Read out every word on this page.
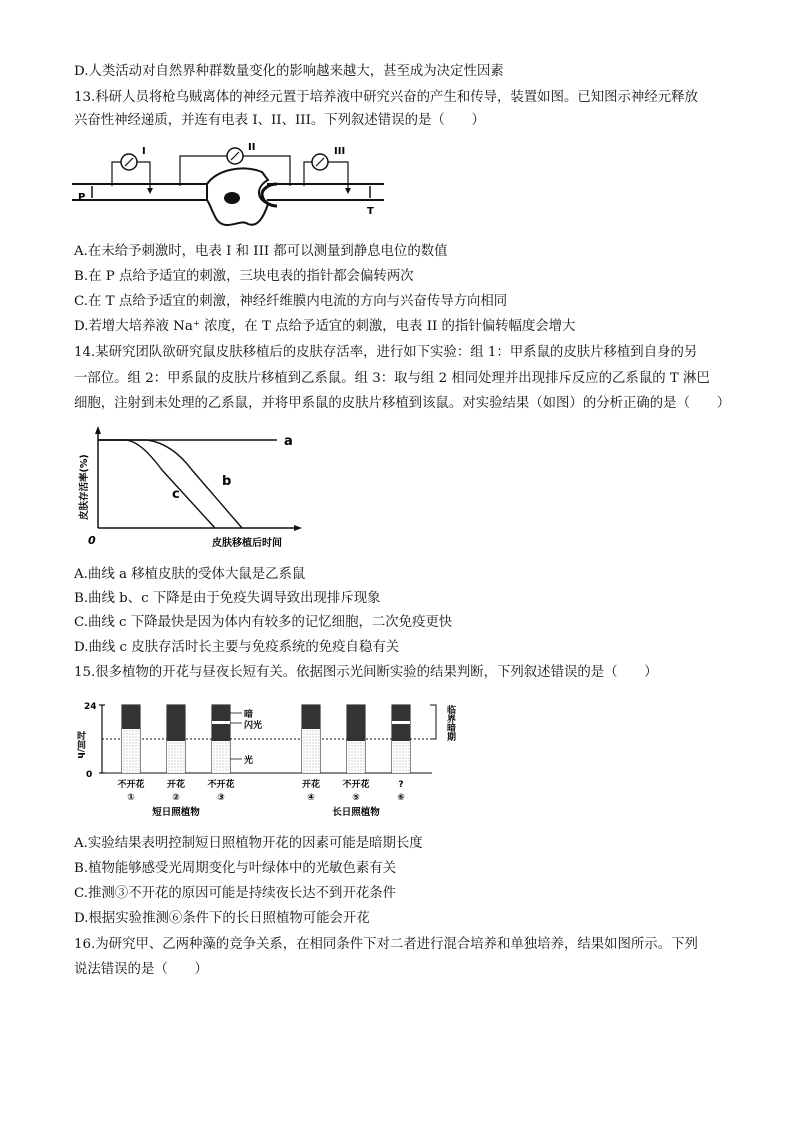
D.人类活动对自然界种群数量变化的影响越来越大，甚至成为决定性因素
13.科研人员将枪乌贼离体的神经元置于培养液中研究兴奋的产生和传导，装置如图。已知图示神经元释放
兴奋性神经递质，并连有电表 I、II、III。下列叙述错误的是（　　）
I	II	III
P
T
A.在未给予刺激时，电表 I 和 III 都可以测量到静息电位的数值
B.在 P 点给予适宜的刺激，三块电表的指针都会偏转两次
C.在 T 点给予适宜的刺激，神经纤维膜内电流的方向与兴奋传导方向相同
D.若增大培养液 Na⁺ 浓度，在 T 点给予适宜的刺激，电表 II 的指针偏转幅度会增大
14.某研究团队欲研究鼠皮肤移植后的皮肤存活率，进行如下实验：组 1：甲系鼠的皮肤片移植到自身的另
一部位。组 2：甲系鼠的皮肤片移植到乙系鼠。组 3：取与组 2 相同处理并出现排斥反应的乙系鼠的 T 淋巴
细胞，注射到未处理的乙系鼠，并将甲系鼠的皮肤片移植到该鼠。对实验结果（如图）的分析正确的是（　　）
a
b
c
0	皮肤移植后时间
皮肤存活率(%)
A.曲线 a 移植皮肤的受体大鼠是乙系鼠
B.曲线 b、c 下降是由于免疫失调导致出现排斥现象
C.曲线 c 下降最快是因为体内有较多的记忆细胞，二次免疫更快
D.曲线 c 皮肤存活时长主要与免疫系统的免疫自稳有关
15.很多植物的开花与昼夜长短有关。依据图示光间断实验的结果判断，下列叙述错误的是（　　）
24
0
时间/h
暗
闪光
光
临界暗期
不开花
①
开花
②
不开花
③
开花
④
不开花
⑤
?
⑥
短日照植物	长日照植物
A.实验结果表明控制短日照植物开花的因素可能是暗期长度
B.植物能够感受光周期变化与叶绿体中的光敏色素有关
C.推测③不开花的原因可能是持续夜长达不到开花条件
D.根据实验推测⑥条件下的长日照植物可能会开花
16.为研究甲、乙两种藻的竞争关系，在相同条件下对二者进行混合培养和单独培养，结果如图所示。下列
说法错误的是（　　）
